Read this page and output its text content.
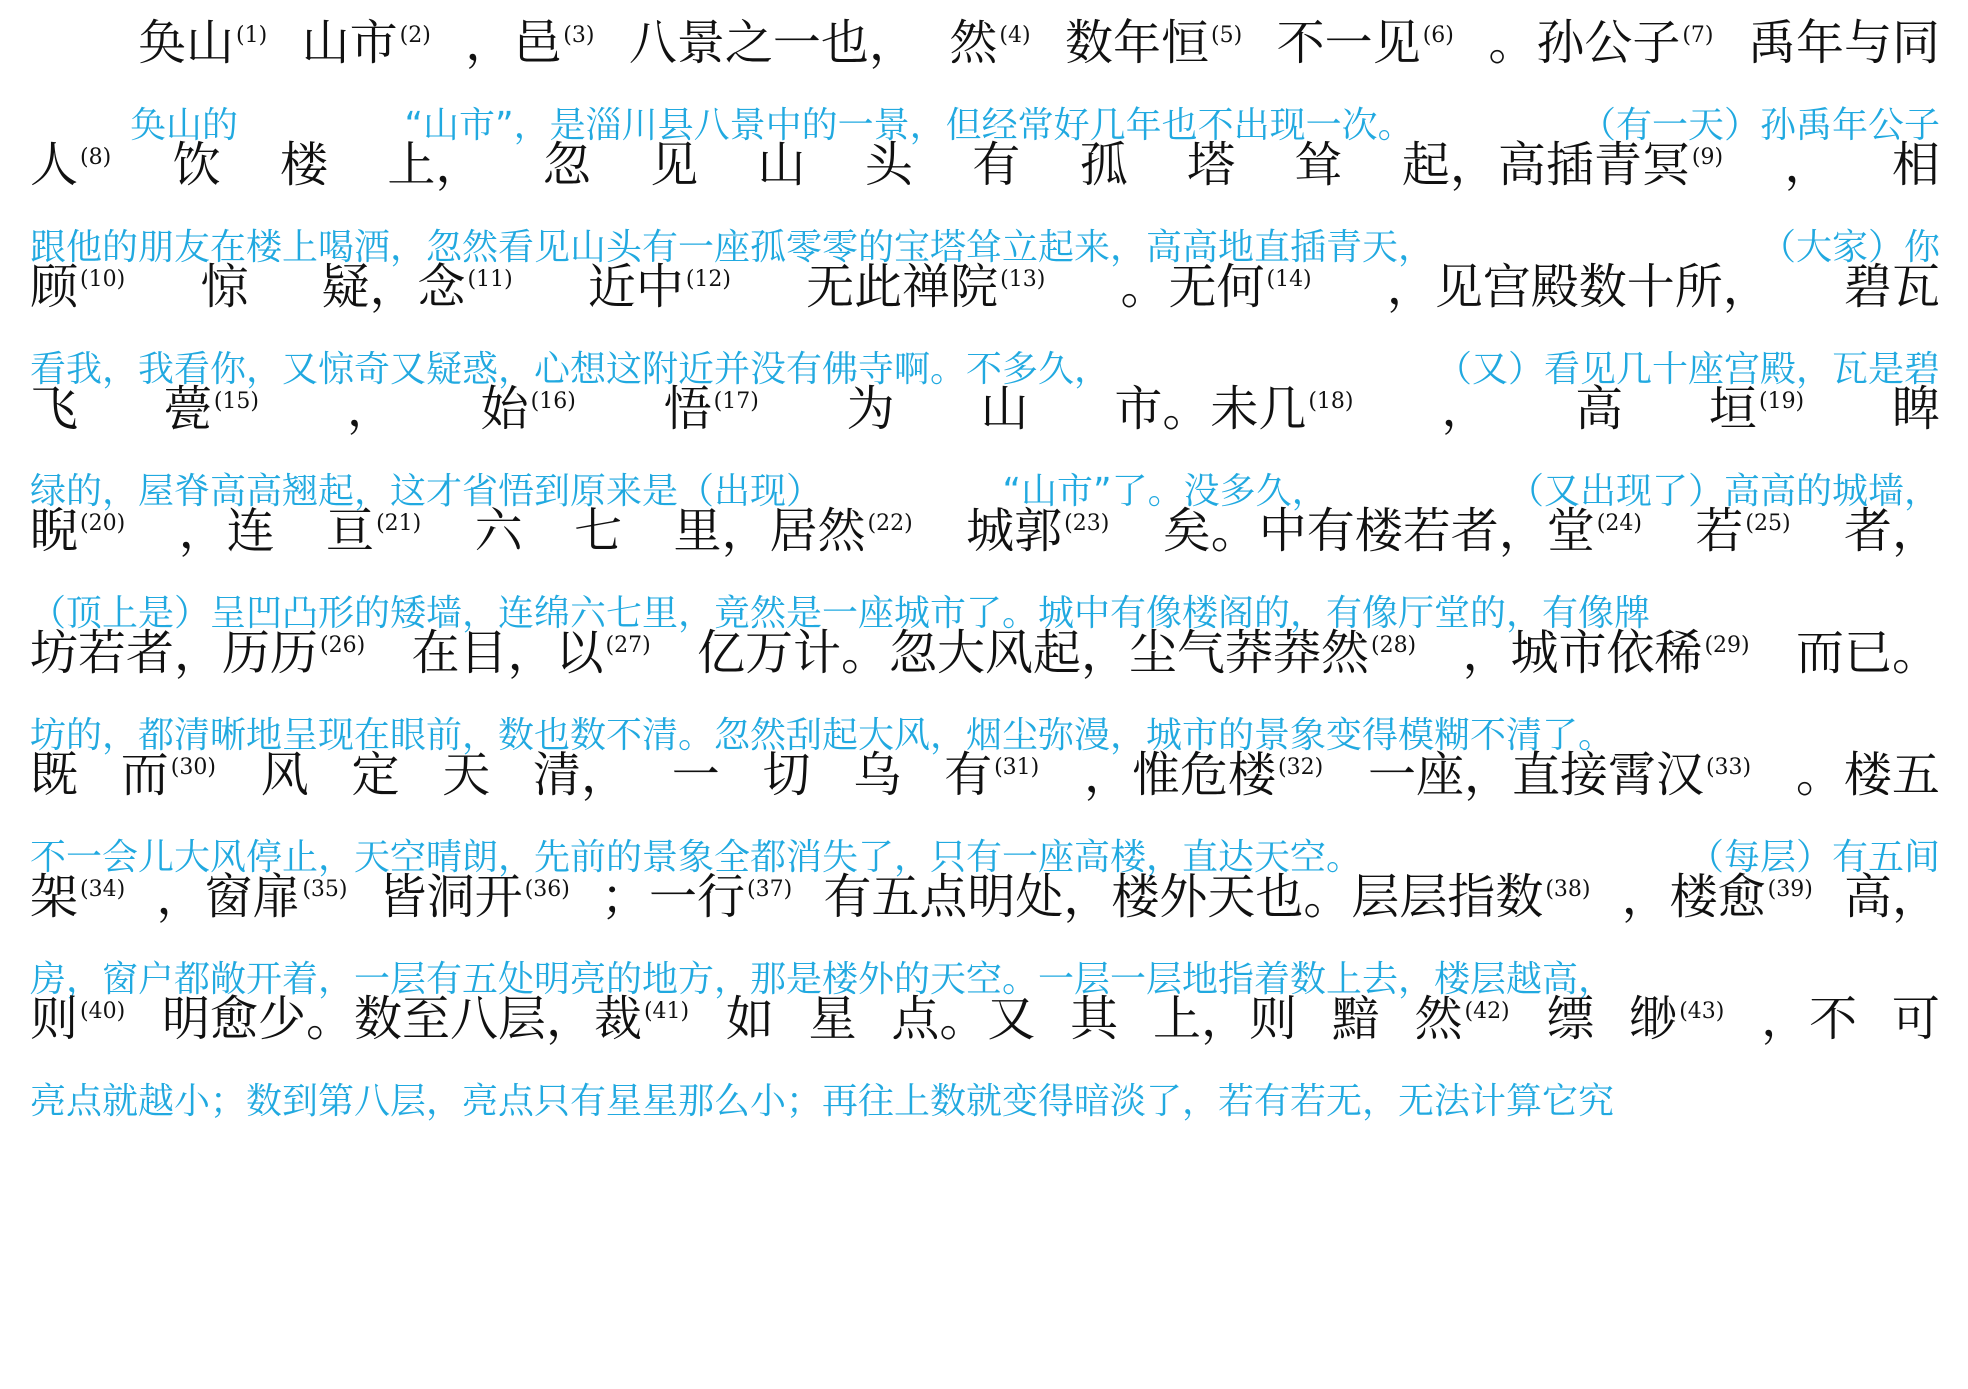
奂山$^{(1)}$ 山市$^{(2)}$ ，邑$^{(3)}$ 八景之一也， 然$^{(4)}$ 数年恒$^{(5)}$ 不一见$^{(6)}$ 。孙公子$^{(7)}$ 禹年与同
奂山的	“山市”，是淄川县八景中的一景，但经常好几年也不出现一次。	（有一天）孙禹年公子
人$^{(8)}$ 饮 楼 上， 忽 见 山 头 有 孤 塔 耸 起，高插青冥$^{(9)}$ ， 相
跟他的朋友在楼上喝酒，忽然看见山头有一座孤零零的宝塔耸立起来，高高地直插青天，	（大家）你
顾$^{(10)}$ 惊 疑，念$^{(11)}$ 近中$^{(12)}$ 无此禅院$^{(13)}$ 。无何$^{(14)}$ ，见宫殿数十所， 碧瓦
看我，我看你，又惊奇又疑惑，心想这附近并没有佛寺啊。不多久，	（又）看见几十座宫殿，瓦是碧
飞 甍$^{(15)}$ ， 始$^{(16)}$ 悟$^{(17)}$ 为 山 市。未几$^{(18)}$ ， 高 垣$^{(19)}$ 睥
绿的，屋脊高高翘起，这才省悟到原来是（出现）	“山市”了。没多久，	（又出现了）高高的城墙，
睨$^{(20)}$ ，连 亘$^{(21)}$ 六 七 里，居然$^{(22)}$ 城郭$^{(23)}$ 矣。中有楼若者，堂$^{(24)}$ 若$^{(25)}$ 者，
（顶上是）呈凹凸形的矮墙，连绵六七里，竟然是一座城市了。城中有像楼阁的，有像厅堂的，有像牌
坊若者，历历$^{(26)}$ 在目，以$^{(27)}$ 亿万计。忽大风起，尘气莽莽然$^{(28)}$ ，城市依稀$^{(29)}$ 而已。
坊的，都清晰地呈现在眼前，数也数不清。忽然刮起大风，烟尘弥漫，城市的景象变得模糊不清了。
既 而$^{(30)}$ 风 定 天 清， 一 切 乌 有$^{(31)}$ ，惟危楼$^{(32)}$ 一座，直接霄汉$^{(33)}$ 。楼五
不一会儿大风停止，天空晴朗，先前的景象全都消失了，只有一座高楼，直达天空。	（每层）有五间
架$^{(34)}$ ，窗扉$^{(35)}$ 皆洞开$^{(36)}$ ；一行$^{(37)}$ 有五点明处，楼外天也。层层指数$^{(38)}$ ，楼愈$^{(39)}$ 高，
房，窗户都敞开着，一层有五处明亮的地方，那是楼外的天空。一层一层地指着数上去，楼层越高，
则$^{(40)}$ 明愈少。数至八层，裁$^{(41)}$ 如 星 点。又 其 上，则 黯 然$^{(42)}$ 缥 缈$^{(43)}$ ，不 可
亮点就越小；数到第八层，亮点只有星星那么小；再往上数就变得暗淡了，若有若无，无法计算它究
